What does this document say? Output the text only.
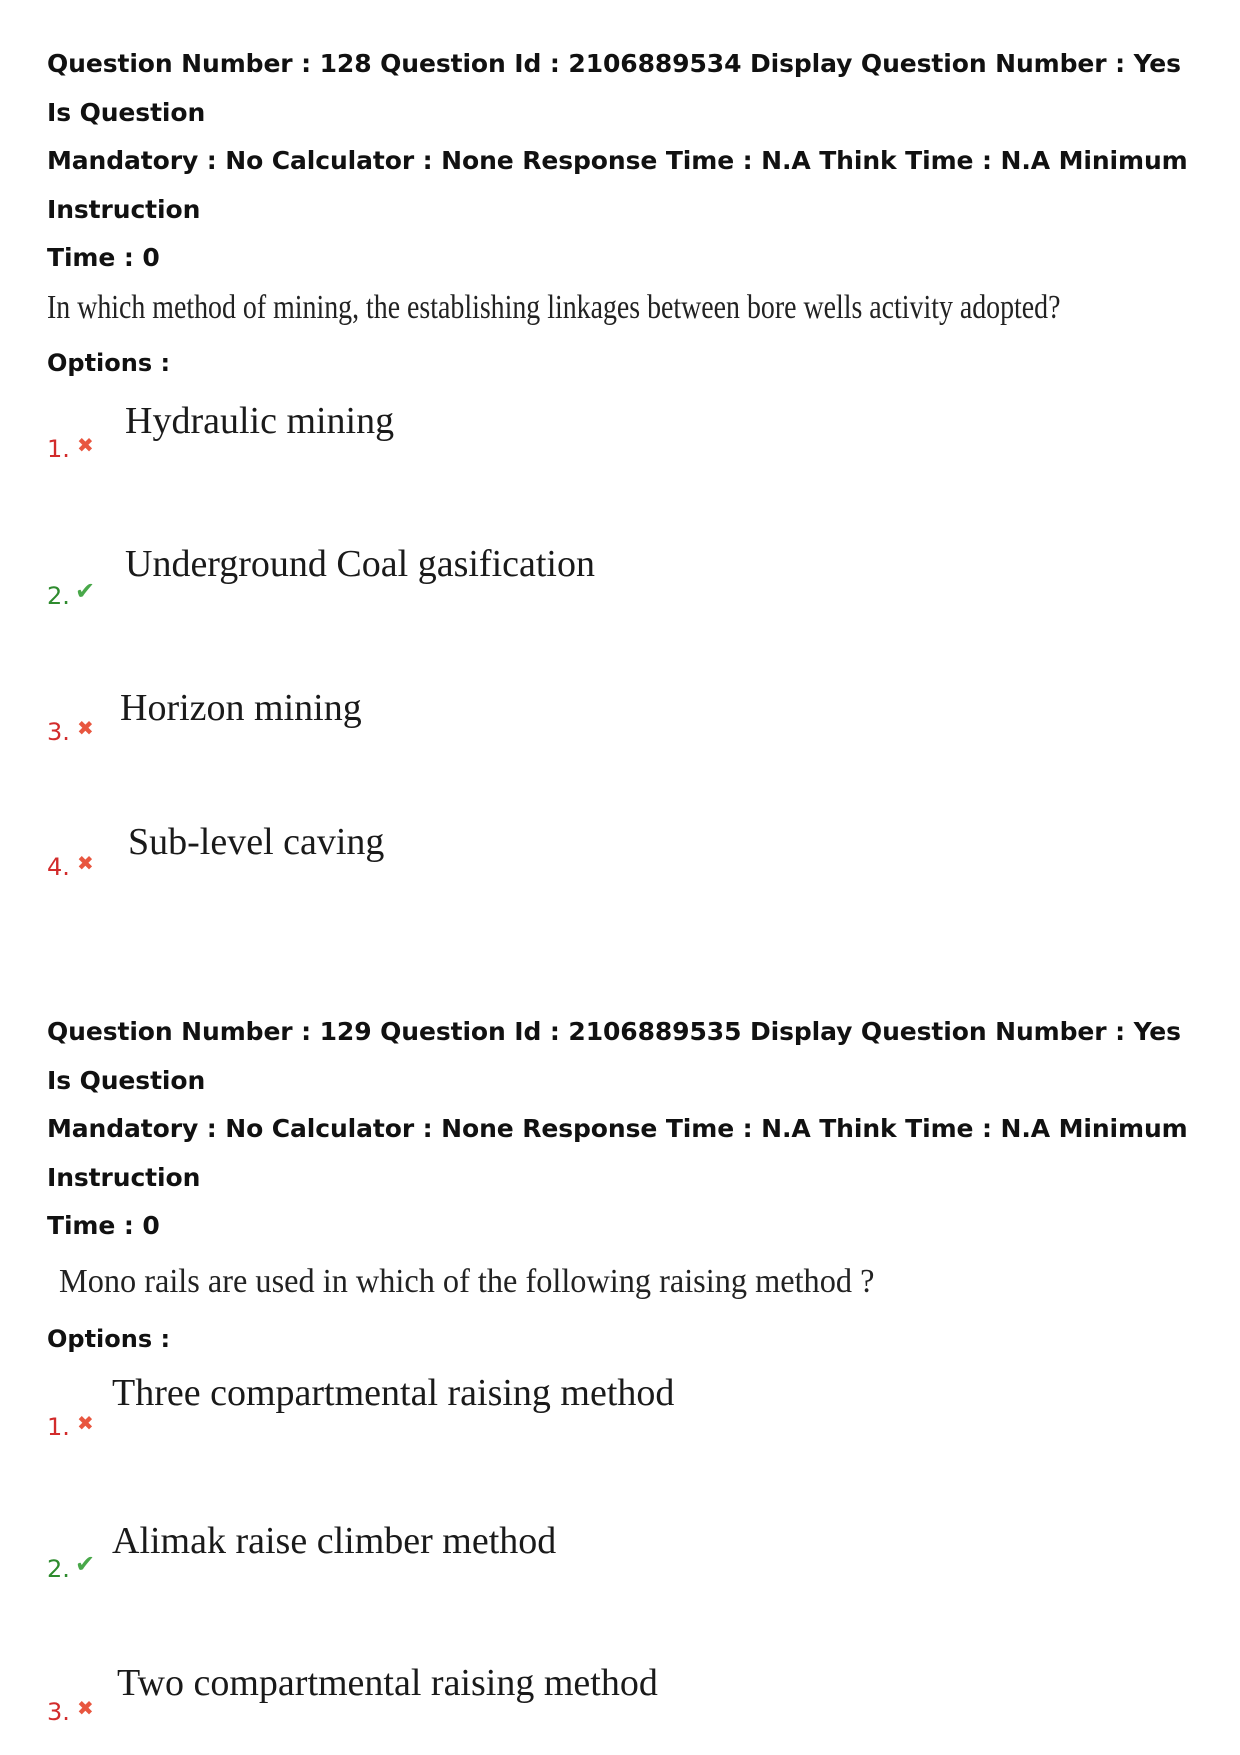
Question Number : 128 Question Id : 2106889534 Display Question Number : Yes Is Question

Mandatory : No Calculator : None Response Time : N.A Think Time : N.A Minimum Instruction

Time : 0

In which method of mining, the establishing linkages between bore wells activity adopted?

Options :

1. ✖
Hydraulic mining
2. ✔
Underground Coal gasification
3. ✖ Horizon mining
4. ✖ Sub-level caving

Question Number : 129 Question Id : 2106889535 Display Question Number : Yes Is Question

Mandatory : No Calculator : None Response Time : N.A Think Time : N.A Minimum Instruction

Time : 0

Mono rails are used in which of the following raising method ?

Options :

1. ✖
Three compartmental raising method
2. ✔
Alimak raise climber method
3. ✖
Two compartmental raising method
